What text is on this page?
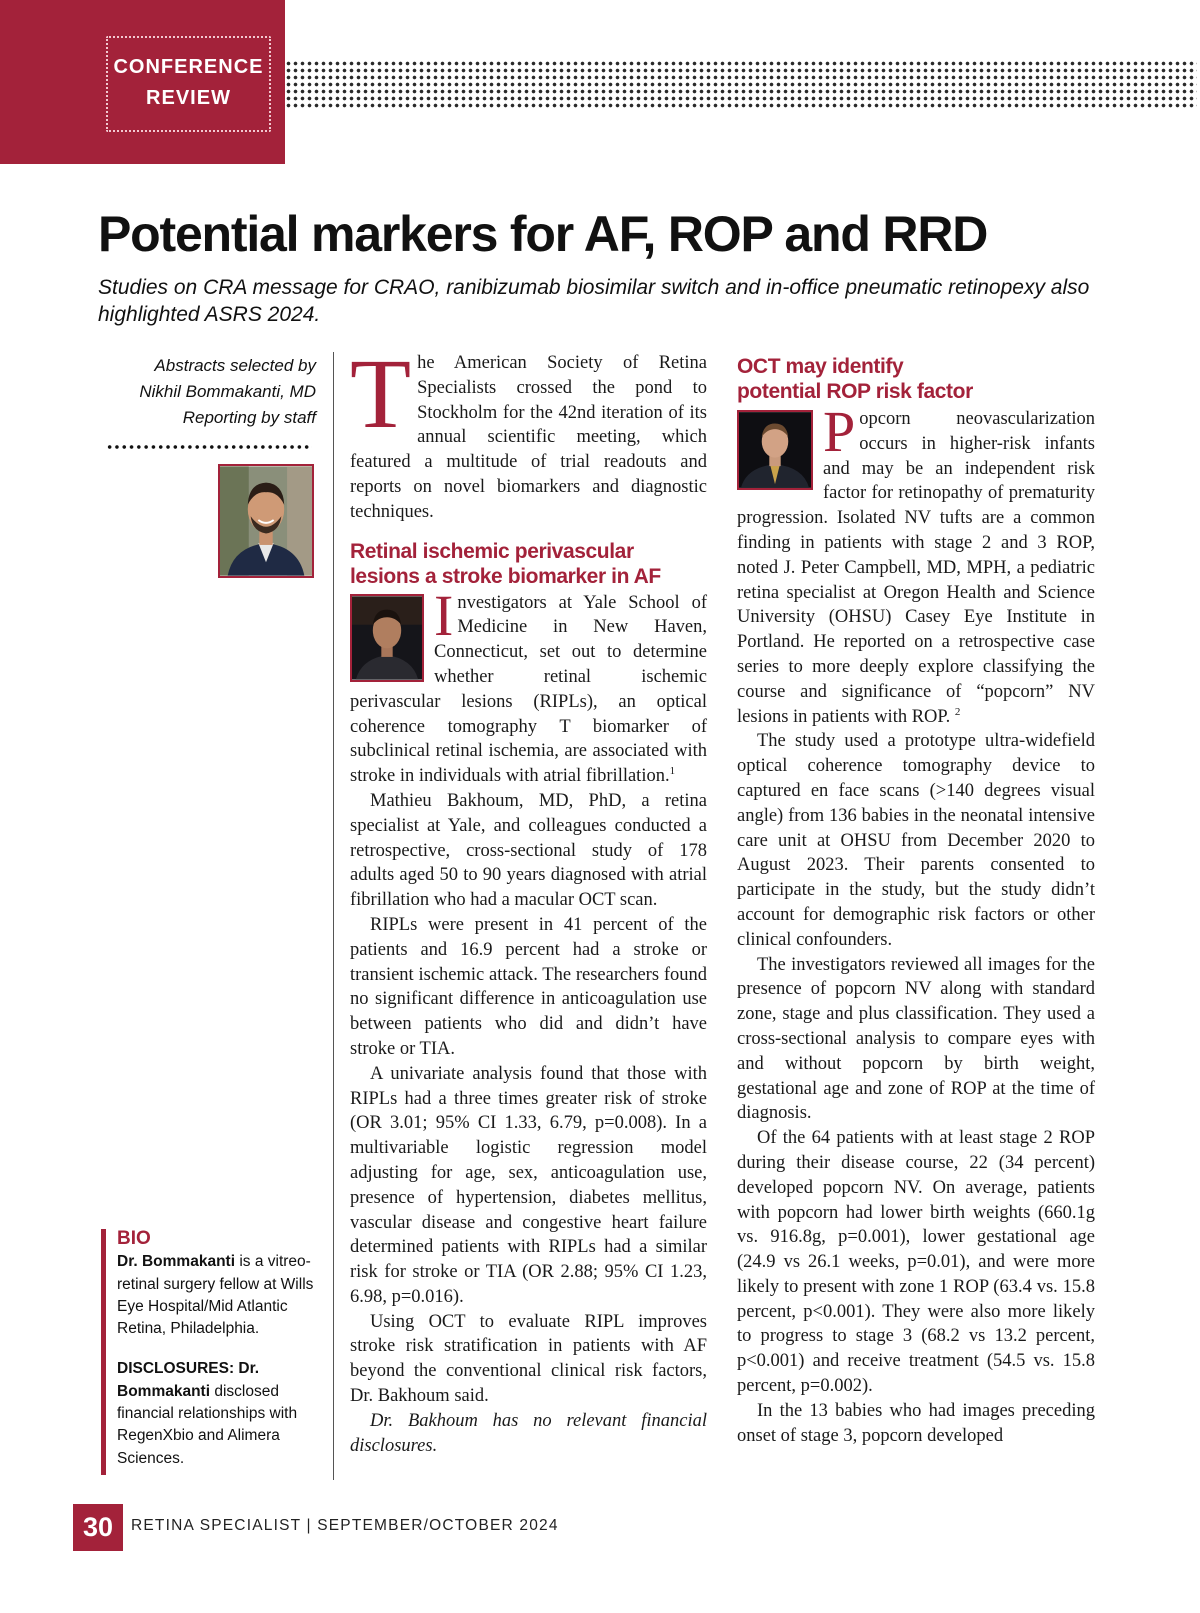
CONFERENCE
REVIEW
Potential markers for AF, ROP and RRD
Studies on CRA message for CRAO, ranibizumab biosimilar switch and in-office pneumatic retinopexy also highlighted ASRS 2024.
Abstracts selected by
Nikhil Bommakanti, MD
Reporting by staff The American Society of Retina Specialists crossed the pond to Stockholm for the 42nd iteration of its annual scientific meeting, which featured a multitude of trial readouts and reports on novel biomarkers and diagnostic techniques.

Retinal ischemic perivascular
lesions a stroke biomarker in AF

Investigators at Yale School of Medicine in New Haven, Connecticut, set out to determine whether retinal ischemic perivascular lesions (RIPLs), an optical coherence tomography T biomarker of subclinical retinal ischemia, are associated with stroke in individuals with atrial fibrillation.$^1$

Mathieu Bakhoum, MD, PhD, a retina specialist at Yale, and colleagues conducted a retrospective, cross-sectional study of 178 adults aged 50 to 90 years diagnosed with atrial fibrillation who had a macular OCT scan.

RIPLs were present in 41 percent of the patients and 16.9 percent had a stroke or transient ischemic attack. The researchers found no significant difference in anticoagulation use between patients who did and didn’t have stroke or TIA.

A univariate analysis found that those with RIPLs had a three times greater risk of stroke (OR 3.01; 95% CI 1.33, 6.79, p=0.008). In a multivariable logistic regression model adjusting for age, sex, anticoagulation use, presence of hypertension, diabetes mellitus, vascular disease and congestive heart failure determined patients with RIPLs had a similar risk for stroke or TIA (OR 2.88; 95% CI 1.23, 6.98, p=0.016).

Using OCT to evaluate RIPL improves stroke risk stratification in patients with AF beyond the conventional clinical risk factors, Dr. Bakhoum said.

Dr. Bakhoum has no relevant financial disclosures.

OCT may identify
potential ROP risk factor

Popcorn neovascularization occurs in higher-risk infants and may be an independent risk factor for retinopathy of prematurity progression. Isolated NV tufts are a common finding in patients with stage 2 and 3 ROP, noted J. Peter Campbell, MD, MPH, a pediatric retina specialist at Oregon Health and Science University (OHSU) Casey Eye Institute in Portland. He reported on a retrospective case series to more deeply explore classifying the course and significance of “popcorn” NV lesions in patients with ROP. $^2$

The study used a prototype ultra-widefield optical coherence tomography device to captured en face scans (>140 degrees visual angle) from 136 babies in the neonatal intensive care unit at OHSU from December 2020 to August 2023. Their parents consented to participate in the study, but the study didn’t account for demographic risk factors or other clinical confounders.

The investigators reviewed all images for the presence of popcorn NV along with standard zone, stage and plus classification. They used a cross-sectional analysis to compare eyes with and without popcorn by birth weight, gestational age and zone of ROP at the time of diagnosis.

Of the 64 patients with at least stage 2 ROP during their disease course, 22 (34 percent) developed popcorn NV. On average, patients with popcorn had lower birth weights (660.1g vs. 916.8g, p=0.001), lower gestational age (24.9 vs 26.1 weeks, p=0.01), and were more likely to present with zone 1 ROP (63.4 vs. 15.8 percent, p<0.001). They were also more likely to progress to stage 3 (68.2 vs 13.2 percent, p<0.001) and receive treatment (54.5 vs. 15.8 percent, p=0.002).

In the 13 babies who had images preceding onset of stage 3, popcorn developed

BIO
Dr. Bommakanti is a vitreo-retinal surgery fellow at Wills Eye Hospital/Mid Atlantic Retina, Philadelphia.
DISCLOSURES: Dr. Bommakanti disclosed financial relationships with RegenXbio and Alimera Sciences.
30	RETINA SPECIALIST | SEPTEMBER/OCTOBER 2024
